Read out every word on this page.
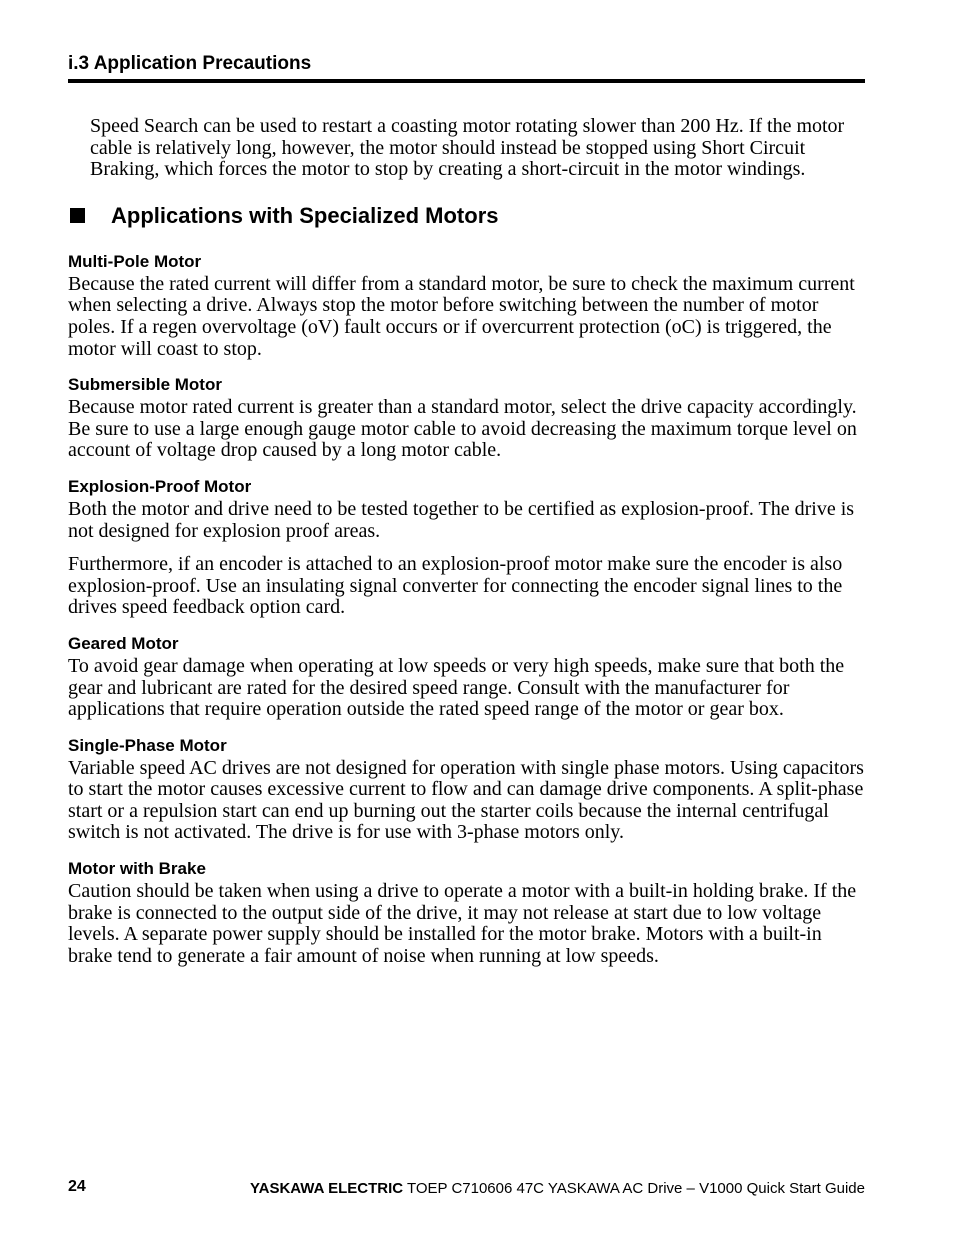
i.3 Application Precautions

Speed Search can be used to restart a coasting motor rotating slower than 200 Hz. If the motor cable is relatively long, however, the motor should instead be stopped using Short Circuit Braking, which forces the motor to stop by creating a short-circuit in the motor windings.

Applications with Specialized Motors
Multi-Pole Motor

Because the rated current will differ from a standard motor, be sure to check the maximum current when selecting a drive. Always stop the motor before switching between the number of motor poles. If a regen overvoltage (oV) fault occurs or if overcurrent protection (oC) is triggered, the motor will coast to stop.

Submersible Motor

Because motor rated current is greater than a standard motor, select the drive capacity accordingly. Be sure to use a large enough gauge motor cable to avoid decreasing the maximum torque level on account of voltage drop caused by a long motor cable.

Explosion-Proof Motor

Both the motor and drive need to be tested together to be certified as explosion-proof. The drive is not designed for explosion proof areas.

Furthermore, if an encoder is attached to an explosion-proof motor make sure the encoder is also explosion-proof. Use an insulating signal converter for connecting the encoder signal lines to the drives speed feedback option card.

Geared Motor

To avoid gear damage when operating at low speeds or very high speeds, make sure that both the gear and lubricant are rated for the desired speed range. Consult with the manufacturer for applications that require operation outside the rated speed range of the motor or gear box.

Single-Phase Motor

Variable speed AC drives are not designed for operation with single phase motors. Using capacitors to start the motor causes excessive current to flow and can damage drive components. A split-phase start or a repulsion start can end up burning out the starter coils because the internal centrifugal switch is not activated. The drive is for use with 3-phase motors only.

Motor with Brake

Caution should be taken when using a drive to operate a motor with a built-in holding brake. If the brake is connected to the output side of the drive, it may not release at start due to low voltage levels. A separate power supply should be installed for the motor brake. Motors with a built-in brake tend to generate a fair amount of noise when running at low speeds.

24	YASKAWA ELECTRIC TOEP C710606 47C YASKAWA AC Drive – V1000 Quick Start Guide
